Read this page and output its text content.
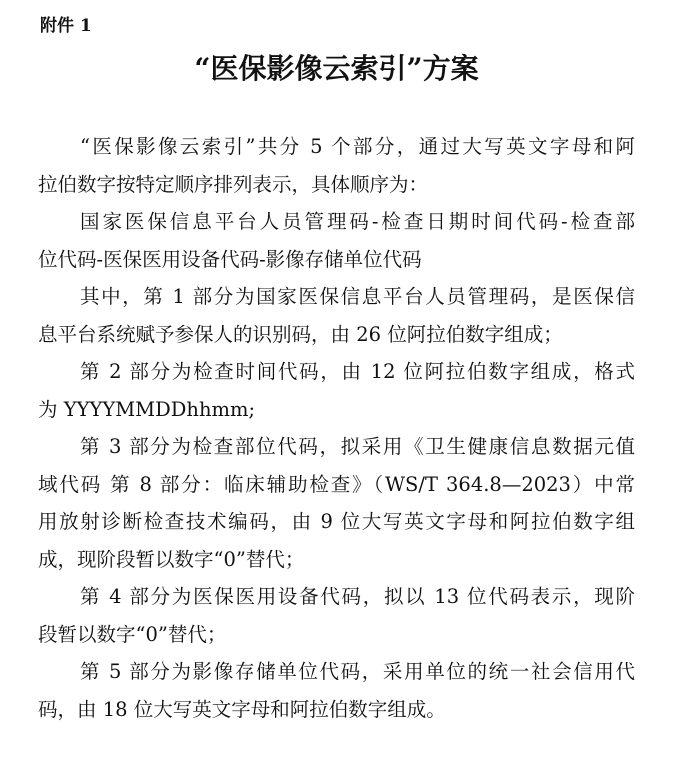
附件 1
“医保影像云索引”方案

“医保影像云索引”共分 5 个部分，通过大写英文字母和阿
拉伯数字按特定顺序排列表示，具体顺序为：

国家医保信息平台人员管理码-检查日期时间代码-检查部
位代码-医保医用设备代码-影像存储单位代码

其中，第 1 部分为国家医保信息平台人员管理码，是医保信
息平台系统赋予参保人的识别码，由 26 位阿拉伯数字组成；

第 2 部分为检查时间代码，由 12 位阿拉伯数字组成，格式
为 YYYYMMDDhhmm;

第 3 部分为检查部位代码，拟采用《卫生健康信息数据元值
域代码 第 8 部分：临床辅助检查》（WS/T 364.8—2023）中常
用放射诊断检查技术编码，由 9 位大写英文字母和阿拉伯数字组
成，现阶段暂以数字“0”替代；

第 4 部分为医保医用设备代码，拟以 13 位代码表示，现阶
段暂以数字“0”替代；

第 5 部分为影像存储单位代码，采用单位的统一社会信用代
码，由 18 位大写英文字母和阿拉伯数字组成。
